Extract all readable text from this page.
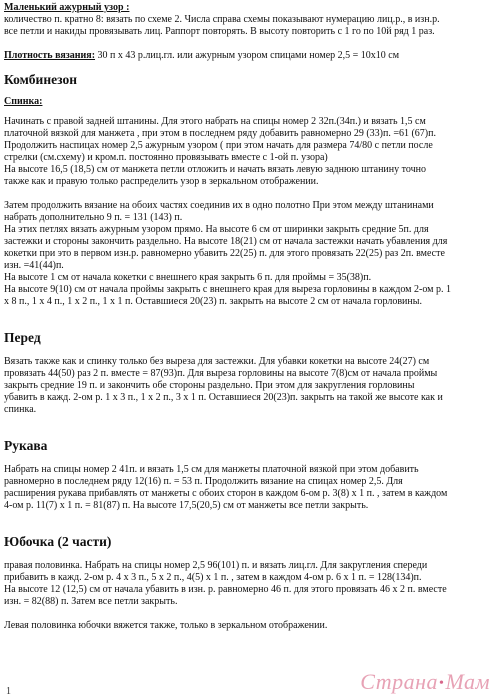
Маленький ажурный узор :
количество п. кратно 8: вязать по схеме 2. Числа справа схемы показывают нумерацию лиц.р., в изн.р.
все петли и накиды провязывать лиц. Раппорт повторять. В высоту повторить с 1 го по 10й ряд 1 раз.
Плотность вязания: 30 п х 43 р.лиц.гл. или ажурным узором спицами номер 2,5 = 10х10 см
Комбинезон
Спинка:
Начинать с правой задней штанины. Для этого набрать на спицы номер 2 32п.(34п.) и вязать 1,5 см
платочной вязкой для манжета , при этом в последнем ряду добавить равномерно 29 (33)п. =61 (67)п.
Продолжить наспицах номер 2,5 ажурным узором ( при этом начать для размера 74/80 с петли после
стрелки (см.схему) и кром.п. постоянно провязывать вместе с 1-ой п. узора)
На высоте 16,5 (18,5) см от манжета петли отложить и начать вязать левую заднюю штанину точно
также как и правую только распределить узор в зеркальном отображении.
Затем продолжить вязание на обоих частях соединив их в одно полотно При этом между штанинами
набрать дополнительно 9 п. = 131 (143) п.
На этих петлях вязать ажурным узором прямо. На высоте 6 см от ширинки закрыть средние 5п. для
застежки и стороны закончить раздельно. На высоте 18(21) см от начала застежки начать убавления для
кокетки при это в первом изн.р. равномерно убавить 22(25) п. для этого провязать 22(25) раз 2п. вместе
изн. =41(44)п.
На высоте 1 см от начала кокетки с внешнего края закрыть 6 п. для проймы = 35(38)п.
На высоте 9(10) см от начала проймы закрыть с внешнего края для выреза горловины в каждом 2-ом р. 1
х 8 п., 1 х 4 п., 1 х 2 п., 1 х 1 п. Оставшиеся 20(23) п. закрыть на высоте 2 см от начала горловины.
Перед
Вязать также как и спинку только без выреза для застежки. Для убавки кокетки на высоте 24(27) см
провязать 44(50) раз 2 п. вместе = 87(93)п. Для выреза горловины на высоте 7(8)см от начала проймы
закрыть средние 19 п. и закончить обе стороны раздельно. При этом для закругления горловины
убавить в кажд. 2-ом р. 1 х 3 п., 1 х 2 п., 3 х 1 п. Оставшиеся 20(23)п. закрыть на такой же высоте как и
спинка.
Рукава
Набрать на спицы номер 2 41п. и вязать 1,5 см для манжеты платочной вязкой при этом добавить
равномерно в последнем ряду 12(16) п. = 53 п. Продолжить вязание на спицах номер 2,5. Для
расширения рукава прибавлять от манжеты с обоих сторон в каждом 6-ом р. 3(8) х 1 п. , затем в каждом
4-ом р. 11(7) х 1 п. = 81(87) п. На высоте 17,5(20,5) см от манжеты все петли закрыть.
Юбочка (2 части)
правая половинка. Набрать на спицы номер 2,5 96(101) п. и вязать лиц.гл. Для закругления спереди
прибавить в кажд. 2-ом р. 4 х 3 п., 5 х 2 п., 4(5) х 1 п. , затем в каждом 4-ом р. 6 х 1 п. = 128(134)п.
На высоте 12 (12,5) см от начала убавить в изн. р. равномерно 46 п. для этого провязать 46 х 2 п. вместе
изн. = 82(88) п. Затем все петли закрыть.
Левая половинка юбочки вяжется также, только в зеркальном отображении.
1	Страна•Мам
